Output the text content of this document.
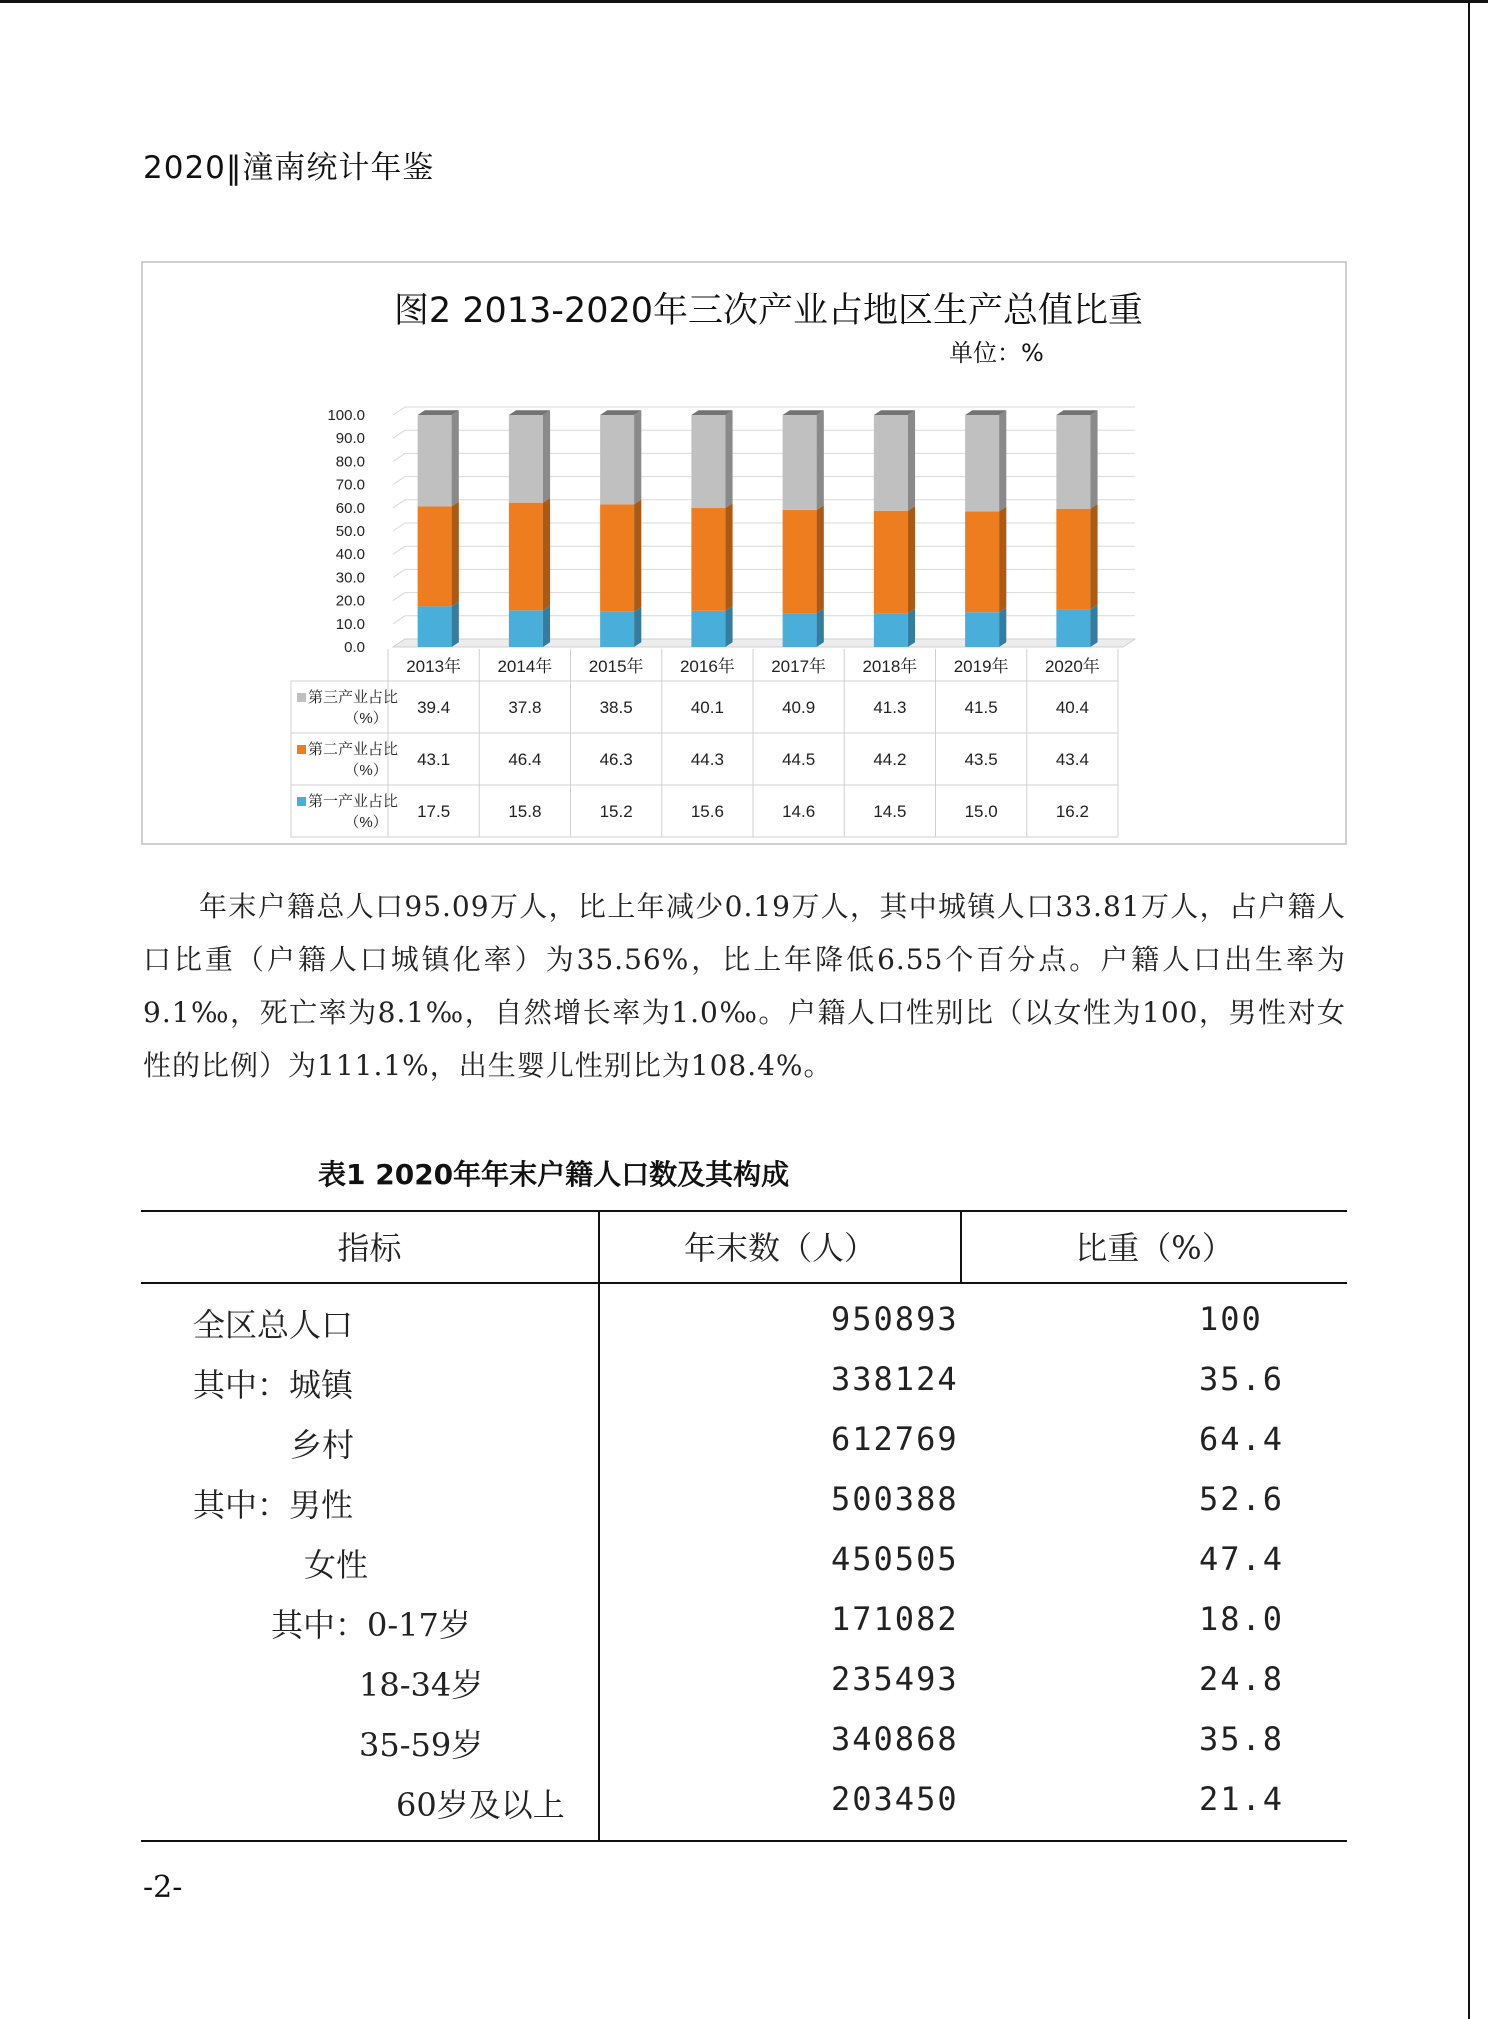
2020‖潼南统计年鉴
图2 2013-2020年三次产业占地区生产总值比重
单位：%
100.0
90.0
80.0
70.0
60.0
50.0
40.0
30.0
20.0
10.0
0.0
2013年 2014年 2015年 2016年 2017年 2018年 2019年 2020年
第三产业占比
（%）
39.4	37.8	38.5	40.1	40.9	41.3	41.5	40.4
第二产业占比
（%）
43.1	46.4	46.3	44.3	44.5	44.2	43.5	43.4
第一产业占比
（%）
17.5	15.8	15.2	15.6	14.6	14.5	15.0	16.2
年末户籍总人口95.09万人，比上年减少0.19万人，其中城镇人口33.81万人，占户籍人口比重（户籍人口城镇化率）为35.56%，比上年降低6.55个百分点。户籍人口出生率为9.1‰，死亡率为8.1‰，自然增长率为1.0‰。户籍人口性别比（以女性为100，男性对女性的比例）为111.1%，出生婴儿性别比为108.4%。
表1 2020年年末户籍人口数及其构成
指标	年末数（人）	比重（%）
全区总人口	950893	100
其中：城镇	338124	35.6
乡村	612769	64.4
其中：男性	500388	52.6
女性	450505	47.4
其中：0-17岁	171082	18.0
18-34岁	235493	24.8
35-59岁	340868	35.8
60岁及以上	203450	21.4
-2-
